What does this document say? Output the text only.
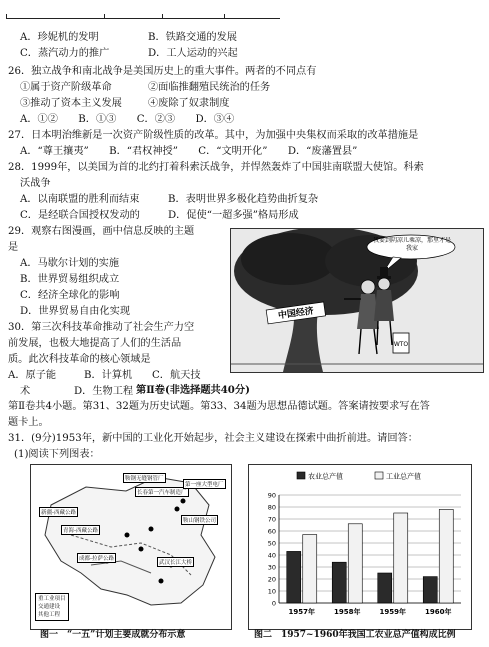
A．珍妮机的发明	B．铁路交通的发展
C．蒸汽动力的推广	D．工人运动的兴起
26．独立战争和南北战争是美国历史上的重大事件。两者的不同点有
①属于资产阶级革命	②面临推翻殖民统治的任务
③推动了资本主义发展	④废除了奴隶制度
A．①②　　B．①③　　C．②③　　D．③④
27．日本明治维新是一次资产阶级性质的改革。其中，为加强中央集权而采取的改革措施是
A．“尊王攘夷”　　B．“君权神授”　　C．“文明开化”　　D．“废藩置县”
28．1999年，以美国为首的北约打着科索沃战争，并悍然轰炸了中国驻南联盟大使馆。科索
沃战争
A．以南联盟的胜利而结束	B．表明世界多极化趋势曲折复杂
C．是经联合国授权发动的	D．促使“一超多强”格局形成
29．观察右图漫画，画中信息反映的主题
是
A．马歇尔计划的实施
B．世界贸易组织成立
C．经济全球化的影响
D．世界贸易自由化实现	中国经济
我要到阴凉儿乘凉，那里才是我家
WTO
30．第三次科技革命推动了社会生产力空
前发展，也极大地提高了人们的生活品
质。此次科技革命的核心领域是
A．原子能	B．计算机 C．航天技
术	D．生物工程 第Ⅱ卷(非选择题共40分)
第Ⅱ卷共4小题。第31、32题为历史试题。第33、34题为思想品德试题。答案请按要求写在答
题卡上。
31．(9分)1953年，新中国的工业化开始起步，社会主义建设在探索中曲折前进。请回答：
(1)阅读下列图表：
鞍钢无缝钢管厂
长春第一汽车制造厂
第一座大型电厂
鞍山钢铁公司
武汉长江大桥
成都-拉萨公路
青海-西藏公路
新疆-西藏公路
重工业项目
交通建设
其他工程
图一　“一五”计划主要成就分布示意
0
10
20
30
40
50
60
70
80
90
1957年	1958年	1959年	1960年
农业总产值	工业总产值
图二　1957~1960年我国工农业总产值构成比例
